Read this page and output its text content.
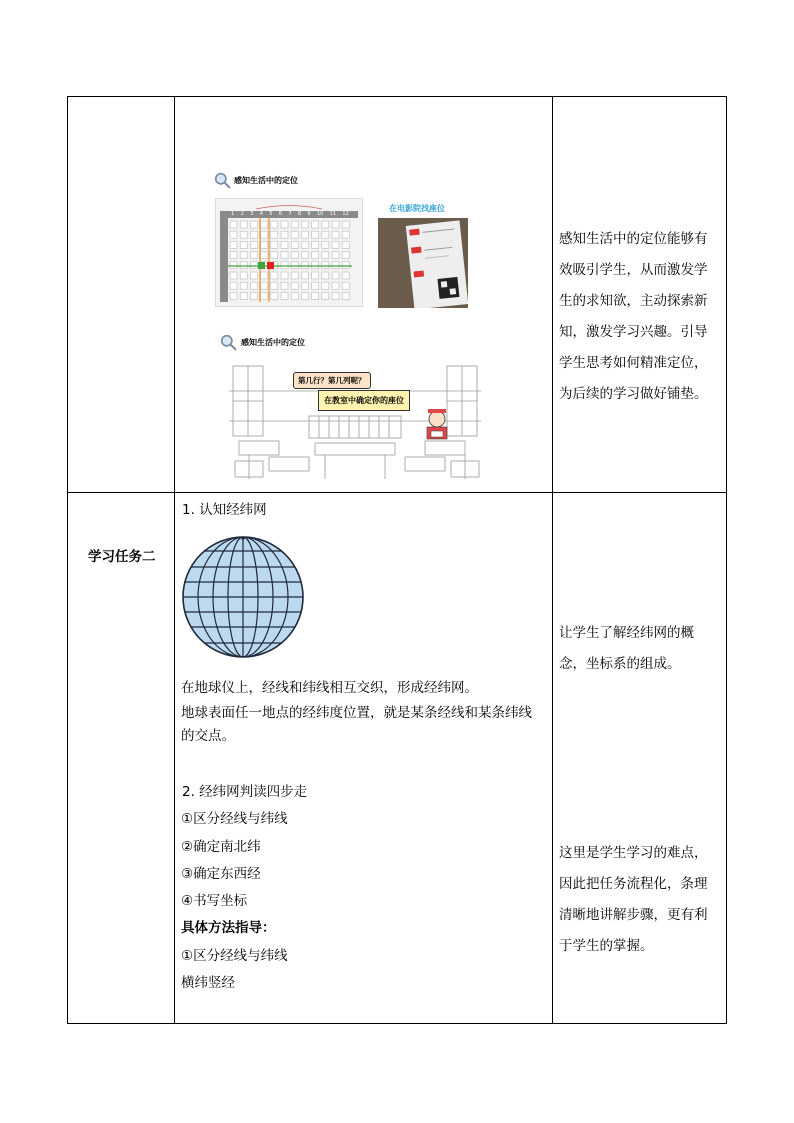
感知生活中的定位
1 2 3 4 5 6 7 8 9 10 11 12
在电影院找座位
感知生活中的定位
第几行？第几列呢？
在教室中确定你的座位
感知生活中的定位能够有效吸引学生，从而激发学生的求知欲，主动探索新知，激发学习兴趣。引导学生思考如何精准定位，为后续的学习做好铺垫。
学习任务二
1. 认知经纬网
在地球仪上，经线和纬线相互交织，形成经纬网。
地球表面任一地点的经纬度位置，就是某条经线和某条纬线的交点。
2. 经纬网判读四步走
①区分经线与纬线
②确定南北纬
③确定东西经
④书写坐标
具体方法指导：
①区分经线与纬线
横纬竖经
让学生了解经纬网的概念，坐标系的组成。
这里是学生学习的难点，因此把任务流程化，条理清晰地讲解步骤，更有利于学生的掌握。
